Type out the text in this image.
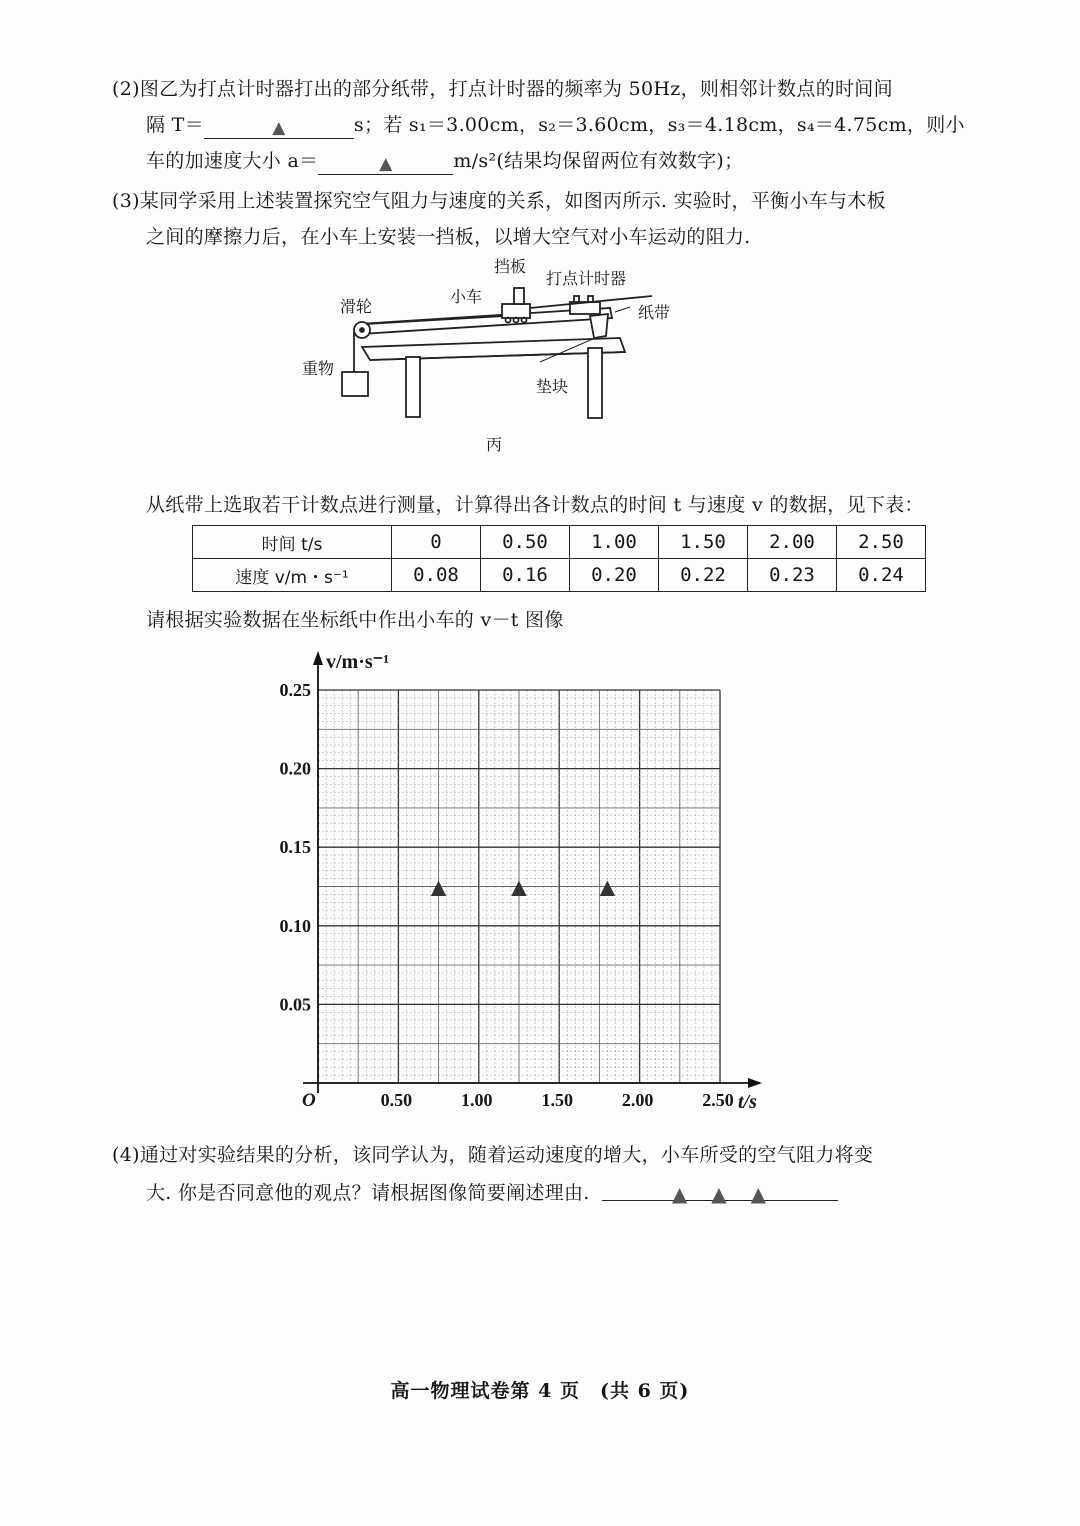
(2)图乙为打点计时器打出的部分纸带，打点计时器的频率为 50Hz，则相邻计数点的时间间
隔 T＝	▲	s；若 s₁＝3.00cm，s₂＝3.60cm，s₃＝4.18cm，s₄＝4.75cm，则小
车的加速度大小 a＝	▲	m/s²(结果均保留两位有效数字)；
(3)某同学采用上述装置探究空气阻力与速度的关系，如图丙所示. 实验时，平衡小车与木板
之间的摩擦力后，在小车上安装一挡板，以增大空气对小车运动的阻力.
挡板
打点计时器
小车
滑轮	纸带
重物
垫块
丙
从纸带上选取若干计数点进行测量，计算得出各计数点的时间 t 与速度 v 的数据，见下表：
时间 t/s	0	0.50	1.00	1.50	2.00	2.50
速度 v/m・s⁻¹	0.08	0.16	0.20	0.22	0.23	0.24
请根据实验数据在坐标纸中作出小车的 v－t 图像
0.50	1.00	1.50	2.00	2.50
0.05
0.10
0.15
0.20
0.25
O	t/s
v/m·s⁻¹
▲	▲	▲
(4)通过对实验结果的分析，该同学认为，随着运动速度的增大，小车所受的空气阻力将变
大. 你是否同意他的观点？请根据图像简要阐述理由.	▲　▲　▲
高一物理试卷第 4 页　(共 6 页)
